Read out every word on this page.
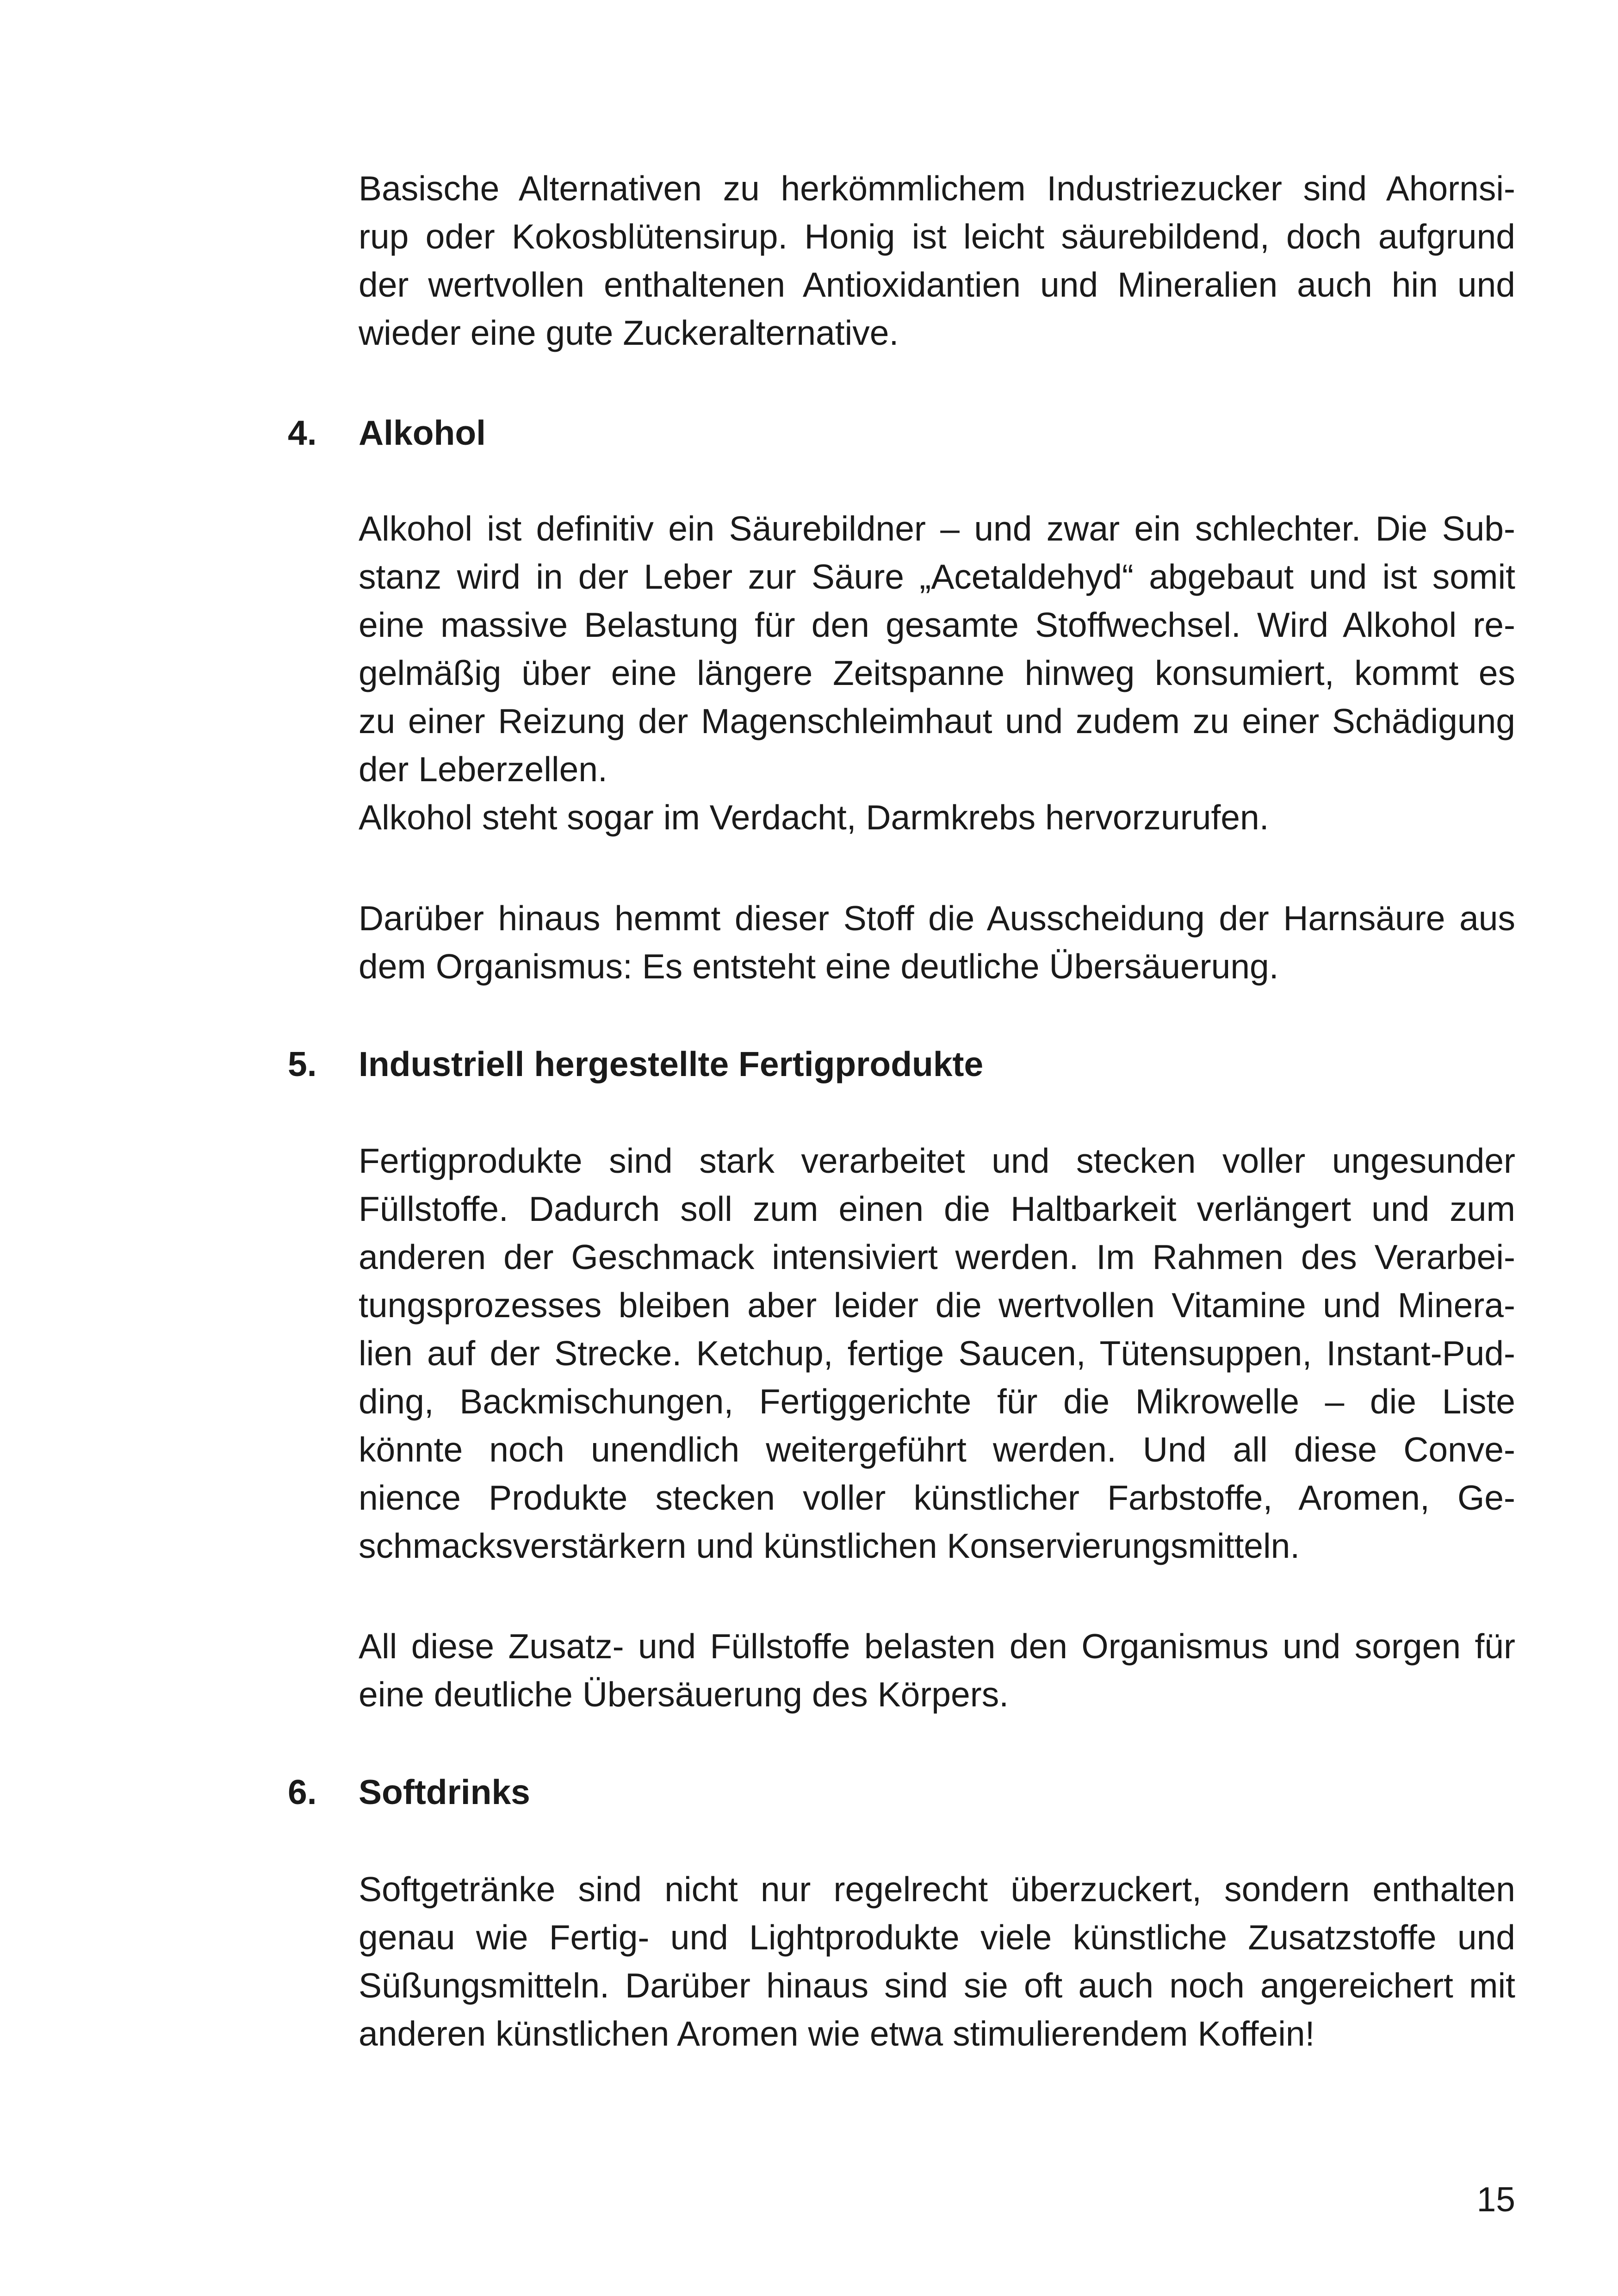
Basische Alternativen zu herkömmlichem Industriezucker sind Ahornsi-
rup oder Kokosblütensirup. Honig ist leicht säurebildend, doch aufgrund
der wertvollen enthaltenen Antioxidantien und Mineralien auch hin und
wieder eine gute Zuckeralternative.

4. Alkohol

Alkohol ist definitiv ein Säurebildner – und zwar ein schlechter. Die Sub-
stanz wird in der Leber zur Säure „Acetaldehyd“ abgebaut und ist somit
eine massive Belastung für den gesamte Stoffwechsel. Wird Alkohol re-
gelmäßig über eine längere Zeitspanne hinweg konsumiert, kommt es
zu einer Reizung der Magenschleimhaut und zudem zu einer Schädigung
der Leberzellen.
Alkohol steht sogar im Verdacht, Darmkrebs hervorzurufen.

Darüber hinaus hemmt dieser Stoff die Ausscheidung der Harnsäure aus
dem Organismus: Es entsteht eine deutliche Übersäuerung.

5. Industriell hergestellte Fertigprodukte

Fertigprodukte sind stark verarbeitet und stecken voller ungesunder
Füllstoffe. Dadurch soll zum einen die Haltbarkeit verlängert und zum
anderen der Geschmack intensiviert werden. Im Rahmen des Verarbei-
tungsprozesses bleiben aber leider die wertvollen Vitamine und Minera-
lien auf der Strecke. Ketchup, fertige Saucen, Tütensuppen, Instant-Pud-
ding, Backmischungen, Fertiggerichte für die Mikrowelle – die Liste
könnte noch unendlich weitergeführt werden. Und all diese Conve-
nience Produkte stecken voller künstlicher Farbstoffe, Aromen, Ge-
schmacksverstärkern und künstlichen Konservierungsmitteln.

All diese Zusatz- und Füllstoffe belasten den Organismus und sorgen für
eine deutliche Übersäuerung des Körpers.

6. Softdrinks

Softgetränke sind nicht nur regelrecht überzuckert, sondern enthalten
genau wie Fertig- und Lightprodukte viele künstliche Zusatzstoffe und
Süßungsmitteln. Darüber hinaus sind sie oft auch noch angereichert mit
anderen künstlichen Aromen wie etwa stimulierendem Koffein!

15
